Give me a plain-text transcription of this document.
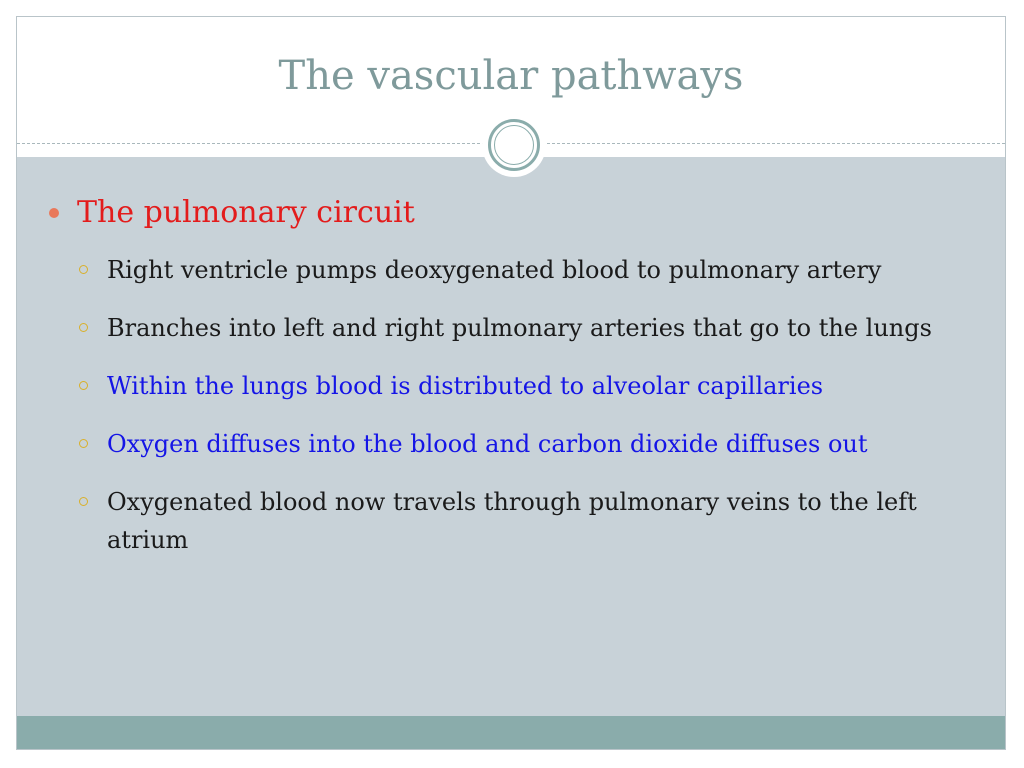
The vascular pathways
The pulmonary circuit
Right ventricle pumps deoxygenated blood to pulmonary artery
Branches into left and right pulmonary arteries that go to the lungs
Within the lungs blood is distributed to alveolar capillaries
Oxygen diffuses into the blood and carbon dioxide diffuses out
Oxygenated blood now travels through pulmonary veins to the left atrium
